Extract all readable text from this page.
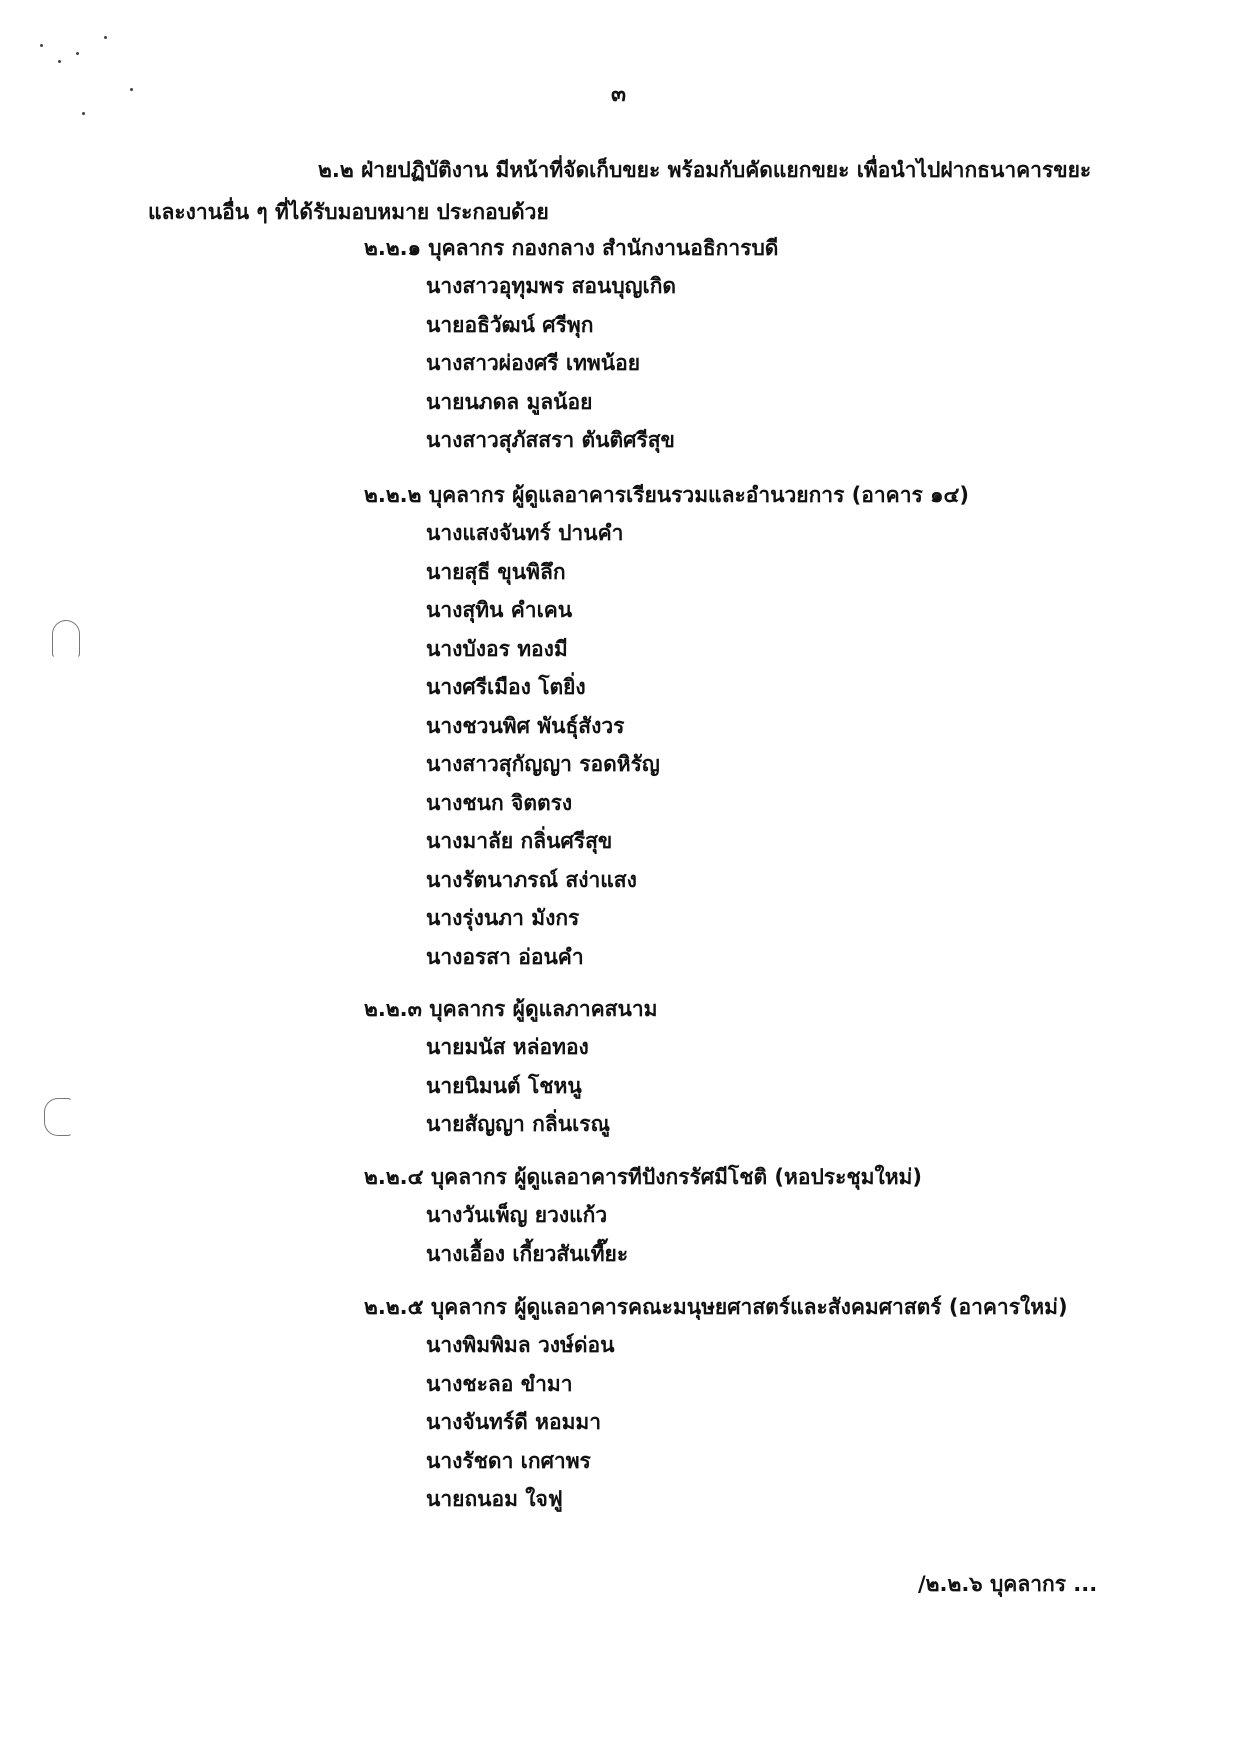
๓
๒.๒ ฝ่ายปฏิบัติงาน มีหน้าที่จัดเก็บขยะ พร้อมกับคัดแยกขยะ เพื่อนำไปฝากธนาคารขยะ
และงานอื่น ๆ ที่ได้รับมอบหมาย ประกอบด้วย
๒.๒.๑ บุคลากร กองกลาง สำนักงานอธิการบดี
นางสาวอุทุมพร สอนบุญเกิด
นายอธิวัฒน์ ศรีพุก
นางสาวผ่องศรี เทพน้อย
นายนภดล มูลน้อย
นางสาวสุภัสสรา ตันติศรีสุข
๒.๒.๒ บุคลากร ผู้ดูแลอาคารเรียนรวมและอำนวยการ (อาคาร ๑๔)
นางแสงจันทร์ ปานคำ
นายสุธี ขุนพิลึก
นางสุทิน คำเคน
นางบังอร ทองมี
นางศรีเมือง โตยิ่ง
นางชวนพิศ พันธุ์สังวร
นางสาวสุกัญญา รอดหิรัญ
นางชนก จิตตรง
นางมาลัย กลิ่นศรีสุข
นางรัตนาภรณ์ สง่าแสง
นางรุ่งนภา มังกร
นางอรสา อ่อนคำ
๒.๒.๓ บุคลากร ผู้ดูแลภาคสนาม
นายมนัส หล่อทอง
นายนิมนต์ โชหนู
นายสัญญา กลิ่นเรณู
๒.๒.๔ บุคลากร ผู้ดูแลอาคารทีปังกรรัศมีโชติ (หอประชุมใหม่)
นางวันเพ็ญ ยวงแก้ว
นางเอื้อง เกี้ยวสันเที๊ยะ
๒.๒.๕ บุคลากร ผู้ดูแลอาคารคณะมนุษยศาสตร์และสังคมศาสตร์ (อาคารใหม่)
นางพิมพิมล วงษ์ด่อน
นางชะลอ ขำมา
นางจันทร์ดี หอมมา
นางรัชดา เกศาพร
นายถนอม ใจฟู
/๒.๒.๖ บุคลากร ...
